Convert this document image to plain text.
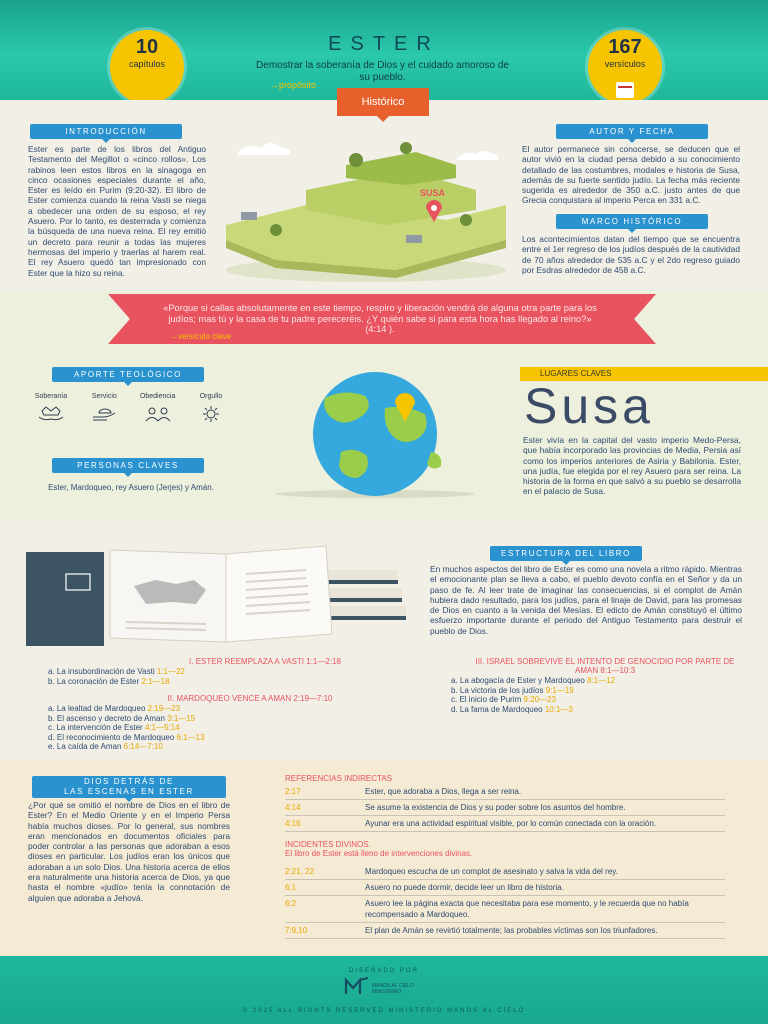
10
capítulos
ESTER
Demostrar la soberanía de Dios y el cuidado amoroso de su pueblo.
→ propósito
167
versículos
Histórico
INTRODUCCIÓN
Ester es parte de los libros del Antiguo Testamento del Megillot o «cinco rollos». Los rabinos leen estos libros en la sinagoga en cinco ocasiones especiales durante el año, Ester es leído en Purim (9:20-32). El libro de Ester comienza cuando la reina Vasti se niega a obedecer una orden de su esposo, el rey Asuero. Por lo tanto, es desterrada y comienza la búsqueda de una nueva reina. El rey emitió un decreto para reunir a todas las mujeres hermosas del imperio y traerlas al harem real. El rey Asuero quedó tan impresionado con Ester que la hizo su reina.
SUSA
AUTOR Y FECHA
El autor permanece sin conocerse, se deducen que el autor vivió en la ciudad persa debido a su conocimiento detallado de las costumbres, modales e historia de Susa, además de su fuerte sentido judío. La fecha más reciente sugerida es alrededor de 350 a.C. justo antes de que Grecia conquistara al imperio Perca en 331 a.C.
MARCO HISTÓRICO
Los acontecimientos datan del tiempo que se encuentra entre el 1er regreso de los judíos después de la cautividad de 70 años alrededor de 535 a.C y el 2do regreso guiado por Esdras alrededor de 458 a.C.
«Porque si callas absolutamente en este tiempo, respiro y liberación vendrá de alguna otra parte para los judíos; mas tú y la casa de tu padre pereceréis. ¿Y quién sabe si para esta hora has llegado al reino?» (4:14 ).
→ versículo clave
APORTE TEOLÓGICO
Soberanía	Servicio	Obediencia	Orgullo
PERSONAS CLAVES
Ester, Mardoqueo, rey Asuero (Jerjes) y Amán.
LUGARES CLAVES
Susa
Ester vivía en la capital del vasto imperio Medo-Persa, que había incorporado las provincias de Media, Persia así como los imperios anteriores de Asiria y Babilonia. Ester, una judía, fue elegida por el rey Asuero para ser reina. La historia de la forma en que salvó a su pueblo se desarrolla en el palacio de Susa.
ESTRUCTURA DEL LIBRO
En muchos aspectos del libro de Ester es como una novela a ritmo rápido. Mientras el emocionante plan se lleva a cabo, el pueblo devoto confía en el Señor y da un paso de fe. Al leer trate de imaginar las consecuencias, si el complot de Amán hubiera dado resultado, para los judíos, para el linaje de David, para las promesas de Dios en cuanto a la venida del Mesías. El edicto de Amán constituyó el último esfuerzo importante durante el periodo del Antiguo Testamento para destruir el pueblo de Dios.
I. ESTER REEMPLAZA A VASTI 1:1—2:18
a. La insubordinación de Vasti 1:1—22
b. La coronación de Ester 2:1—18
II. MARDOQUEO VENCE A AMAN 2:19—7:10
a. La lealtad de Mardoqueo 2:19—23
b. El ascenso y decreto de Aman 3:1—15
c. La intervención de Ester 4:1—5:14
d. El reconocimiento de Mardoqueo 6:1—13
e. La caída de Aman 6:14—7:10
III. ISRAEL SOBREVIVE EL INTENTO DE GENOCIDIO POR PARTE DE AMAN 8:1—10:3
a. La abogacía de Ester y Mardoqueo 8:1—12
b. La victoria de los judíos 9:1—19
c. El inicio de Purim 9:20—23
d. La fama de Mardoqueo 10:1—3
DIOS DETRÁS DE
LAS ESCENAS EN ESTER
¿Por qué se omitió el nombre de Dios en el libro de Ester? En el Medio Oriente y en el Imperio Persa había muchos dioses. Por lo general, sus nombres eran mencionados en documentos oficiales para poder controlar a las personas que adoraban a esos dioses en particular. Los judíos eran los únicos que adoraban a un solo Dios. Una historia acerca de ellos era naturalmente una historia acerca de Dios, ya que hasta el nombre «judío» tenía la connotación de alguien que adoraba a Jehová.
REFERENCIAS INDIRECTAS
2:17	Ester, que adoraba a Dios, llega a ser reina.
4:14	Se asume la existencia de Dios y su poder sobre los asuntos del hombre.
4:16	Ayunar era una actividad espiritual visible, por lo común conectada con la oración.
INCIDENTES DIVINOS.
El libro de Ester está lleno de intervenciones divinas.
2:21, 22	Mardoqueo escucha de un complot de asesinato y salva la vida del rey.
6:1	Asuero no puede dormir, decide leer un libro de historia.
6:2	Asuero lee la página exacta que necesitaba para ese momento, y le recuerda que no había recompensado a Mardoqueo.
7:9,10	El plan de Amán se revirtió totalmente; las probables víctimas son los triunfadores.
DISEÑADO POR
MANOS AL CIELO
MINISTERIO
© 2015 ALL RIGHTS RESERVED MINISTERIO MANOS AL CIELO
